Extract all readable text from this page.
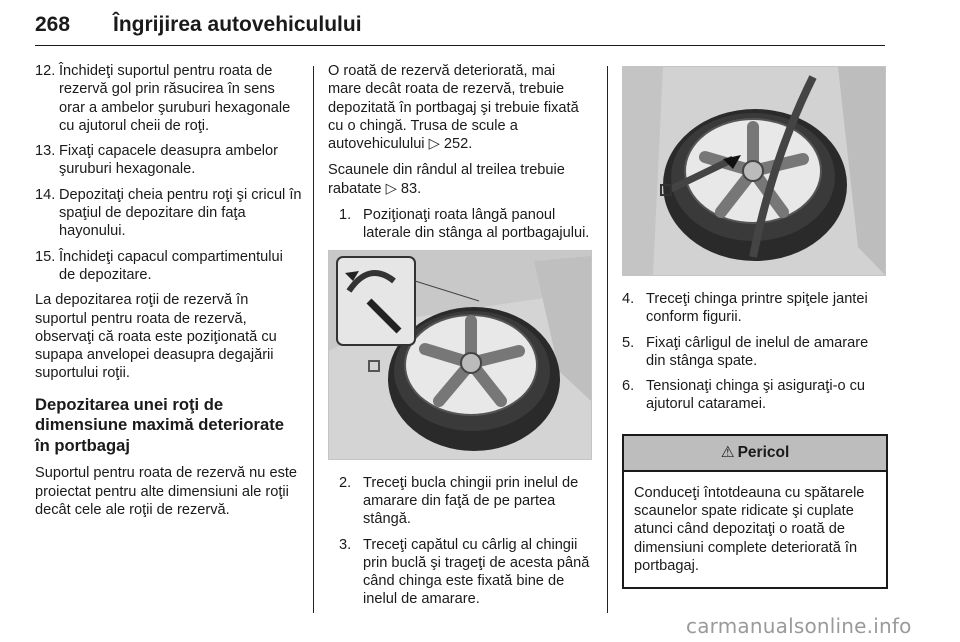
268 Îngrijirea autovehiculului
12. Închideţi suportul pentru roata de rezervă gol prin răsucirea în sens orar a ambelor şuruburi hexagonale cu ajutorul cheii de roţi.
13. Fixaţi capacele deasupra ambelor şuruburi hexagonale.
14. Depozitaţi cheia pentru roţi şi cricul în spaţiul de depozitare din faţa hayonului.
15. Închideţi capacul compartimentului de depozitare.

La depozitarea roţii de rezervă în suportul pentru roata de rezervă, observaţi că roata este poziţionată cu supapa anvelopei deasupra degajării suportului roţii.

Depozitarea unei roţi de dimensiune maximă deteriorate în portbagaj

Suportul pentru roata de rezervă nu este proiectat pentru alte dimensiuni ale roţii decât cele ale roţii de rezervă.

O roată de rezervă deteriorată, mai mare decât roata de rezervă, trebuie depozitată în portbagaj şi trebuie fixată cu o chingă. Trusa de scule a autovehiculului ▷ 252.

Scaunele din rândul al treilea trebuie rabatate ▷ 83.

1. Poziţionaţi roata lângă panoul laterale din stânga al portbagajului.
2. Treceţi bucla chingii prin inelul de amarare din faţă de pe partea stângă.
3. Treceţi capătul cu cârlig al chingii prin buclă şi trageţi de acesta până când chinga este fixată bine de inelul de amarare.
4. Treceţi chinga printre spiţele jantei conform figurii.
5. Fixaţi cârligul de inelul de amarare din stânga spate.
6. Tensionaţi chinga şi asiguraţi-o cu ajutorul cataramei.
⚠ Pericol
Conduceţi întotdeauna cu spătarele scaunelor spate ridicate şi cuplate atunci când depozitaţi o roată de dimensiuni complete deteriorată în portbagaj.
carmanualsonline.info
